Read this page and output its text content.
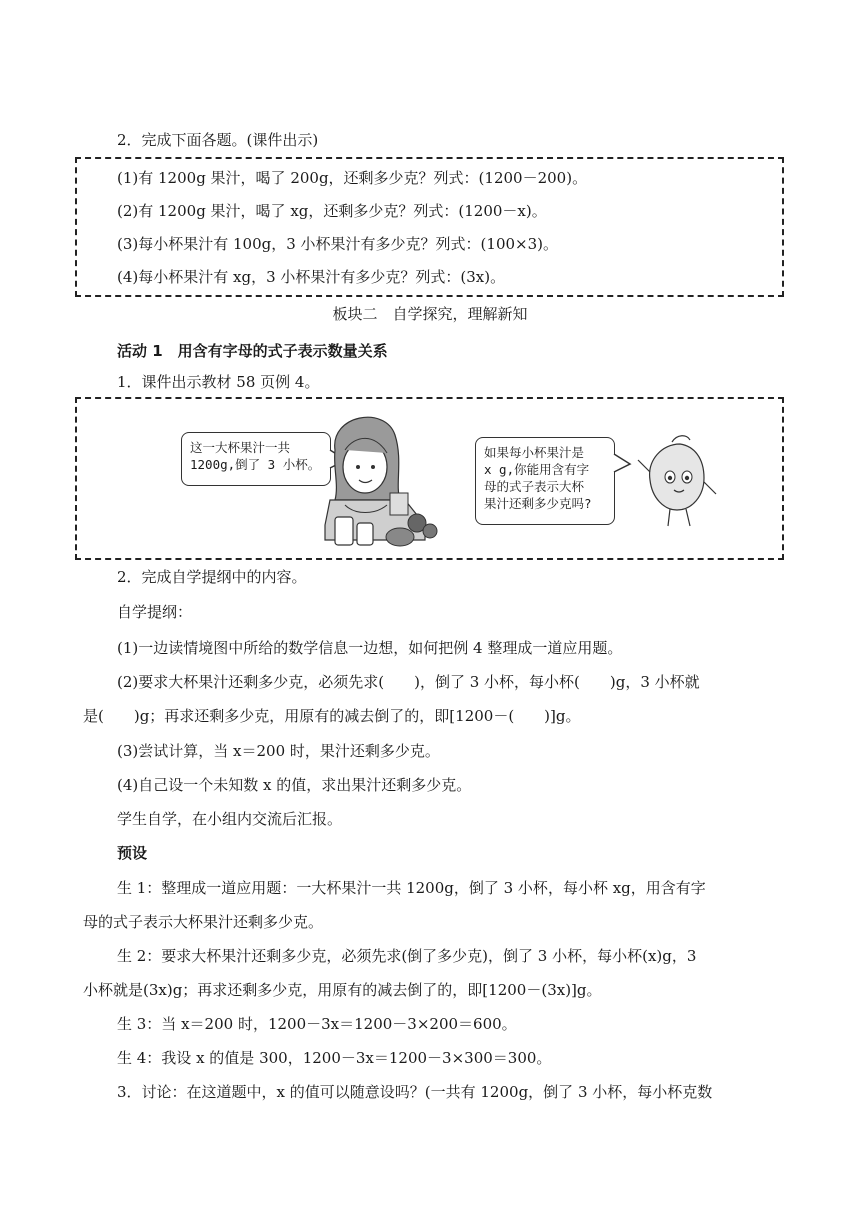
2．完成下面各题。(课件出示)
(1)有 1200g 果汁，喝了 200g，还剩多少克？列式：(1200－200)。
(2)有 1200g 果汁，喝了 xg，还剩多少克？列式：(1200－x)。
(3)每小杯果汁有 100g，3 小杯果汁有多少克？列式：(100×3)。
(4)每小杯果汁有 xg，3 小杯果汁有多少克？列式：(3x)。
板块二　自学探究，理解新知
活动 1　用含有字母的式子表示数量关系
1．课件出示教材 58 页例 4。
这一大杯果汁一共
1200g,倒了 3 小杯。
如果每小杯果汁是
x g,你能用含有字
母的式子表示大杯
果汁还剩多少克吗?
2．完成自学提纲中的内容。
自学提纲：
(1)一边读情境图中所给的数学信息一边想，如何把例 4 整理成一道应用题。
(2)要求大杯果汁还剩多少克，必须先求(　　)，倒了 3 小杯，每小杯(　　)g，3 小杯就
是(　　)g；再求还剩多少克，用原有的减去倒了的，即[1200－(　　)]g。
(3)尝试计算，当 x＝200 时，果汁还剩多少克。
(4)自己设一个未知数 x 的值，求出果汁还剩多少克。
学生自学，在小组内交流后汇报。
预设
生 1：整理成一道应用题：一大杯果汁一共 1200g，倒了 3 小杯，每小杯 xg，用含有字
母的式子表示大杯果汁还剩多少克。
生 2：要求大杯果汁还剩多少克，必须先求(倒了多少克)，倒了 3 小杯，每小杯(x)g，3
小杯就是(3x)g；再求还剩多少克，用原有的减去倒了的，即[1200－(3x)]g。
生 3：当 x＝200 时，1200－3x＝1200－3×200＝600。
生 4：我设 x 的值是 300，1200－3x＝1200－3×300＝300。
3．讨论：在这道题中，x 的值可以随意设吗？(一共有 1200g，倒了 3 小杯，每小杯克数
